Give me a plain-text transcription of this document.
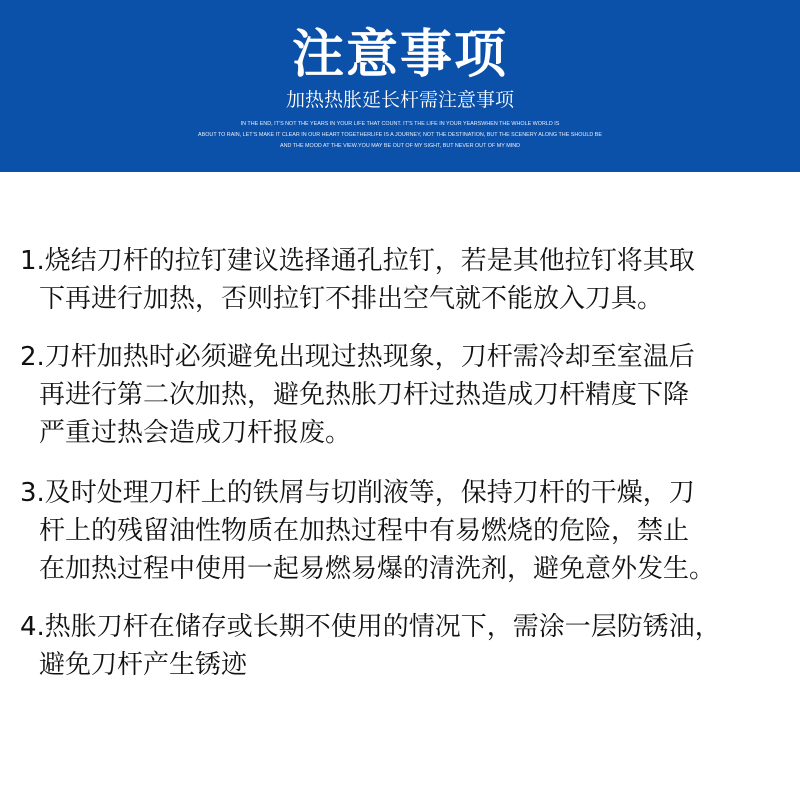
注意事项
加热热胀延长杆需注意事项
IN THE END, IT’S NOT THE YEARS IN YOUR LIFE THAT COUNT. IT’S THE LIFE IN YOUR YEARSWHEN THE WHOLE WORLD IS
ABOUT TO RAIN, LET’S MAKE IT CLEAR IN OUR HEART TOGETHERLIFE IS A JOURNEY, NOT THE DESTINATION, BUT THE SCENERY ALONG THE SHOULD BE
AND THE MOOD AT THE VIEW.YOU MAY BE OUT OF MY SIGHT, BUT NEVER OUT OF MY MIND
1.烧结刀杆的拉钉建议选择通孔拉钉，若是其他拉钉将其取
下再进行加热，否则拉钉不排出空气就不能放入刀具。
2.刀杆加热时必须避免出现过热现象，刀杆需冷却至室温后
再进行第二次加热，避免热胀刀杆过热造成刀杆精度下降
严重过热会造成刀杆报废。
3.及时处理刀杆上的铁屑与切削液等，保持刀杆的干燥，刀
杆上的残留油性物质在加热过程中有易燃烧的危险，禁止
在加热过程中使用一起易燃易爆的清洗剂，避免意外发生。
4.热胀刀杆在储存或长期不使用的情况下，需涂一层防锈油，
避免刀杆产生锈迹
